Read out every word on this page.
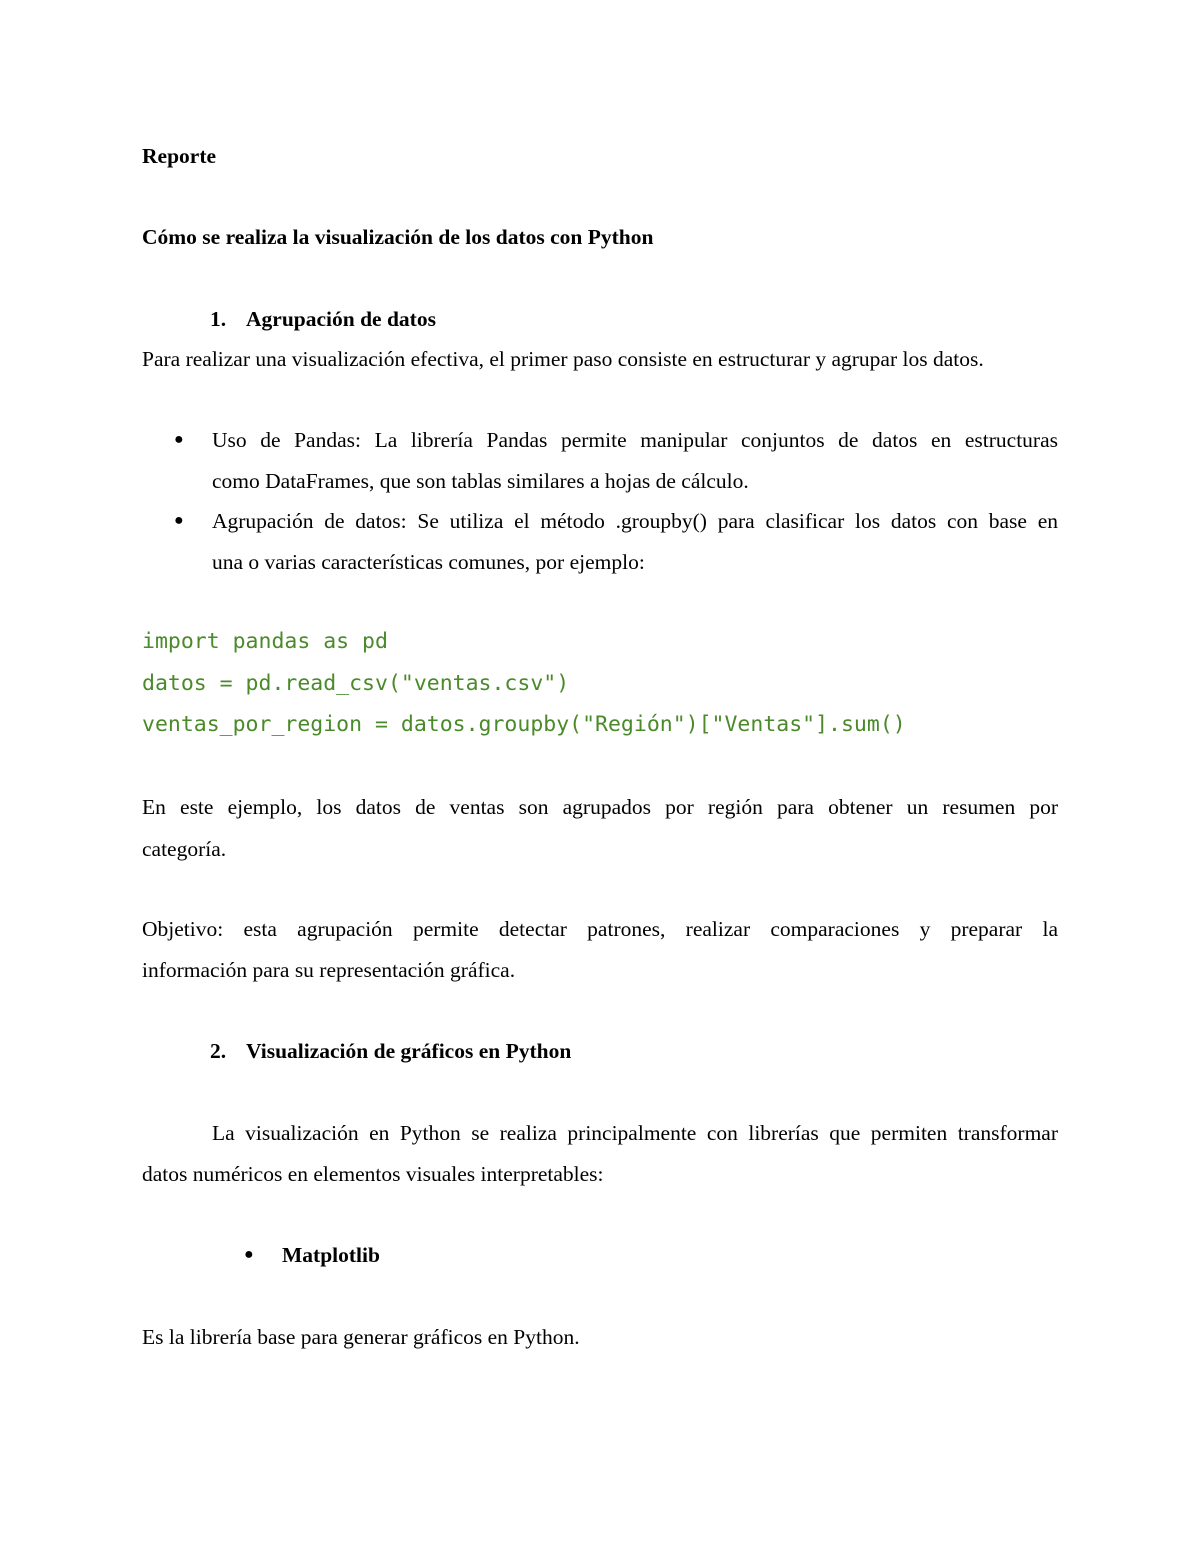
Reporte
Cómo se realiza la visualización de los datos con Python
1. Agrupación de datos
Para realizar una visualización efectiva, el primer paso consiste en estructurar y agrupar los datos.
● Uso de Pandas: La librería Pandas permite manipular conjuntos de datos en estructuras
como DataFrames, que son tablas similares a hojas de cálculo.
● Agrupación de datos: Se utiliza el método .groupby() para clasificar los datos con base en
una o varias características comunes, por ejemplo:
import pandas as pd
datos = pd.read_csv("ventas.csv")
ventas_por_region = datos.groupby("Región")["Ventas"].sum()
En este ejemplo, los datos de ventas son agrupados por región para obtener un resumen por
categoría.
Objetivo: esta agrupación permite detectar patrones, realizar comparaciones y preparar la
información para su representación gráfica.
2. Visualización de gráficos en Python
La visualización en Python se realiza principalmente con librerías que permiten transformar
datos numéricos en elementos visuales interpretables:
● Matplotlib
Es la librería base para generar gráficos en Python.
